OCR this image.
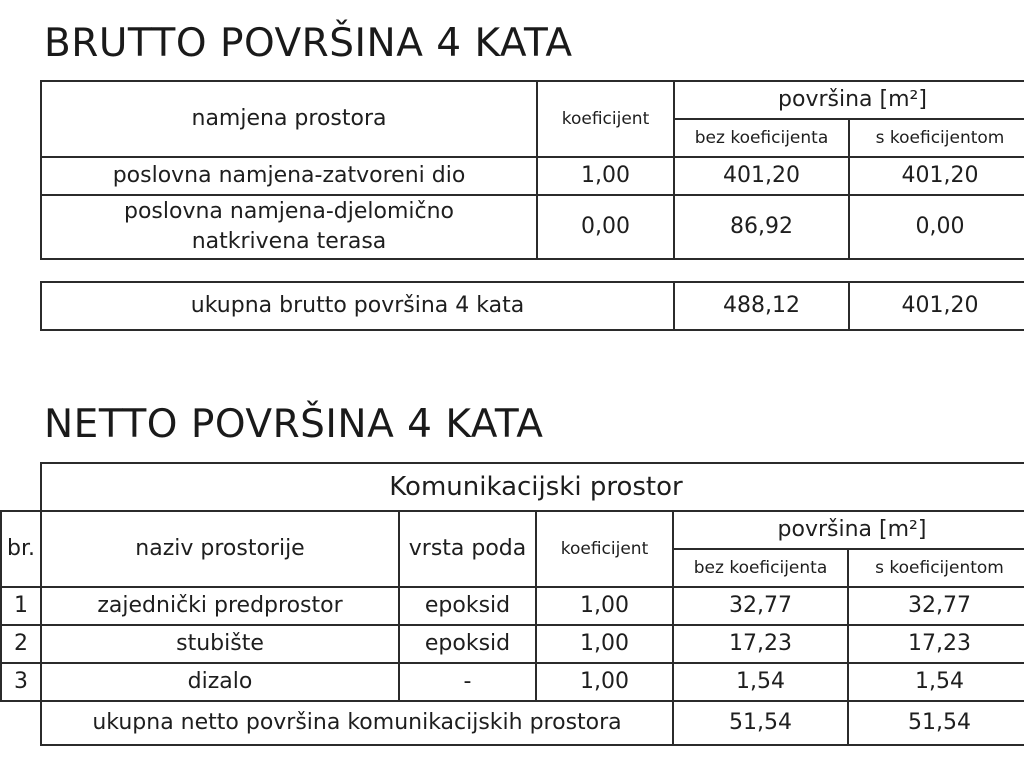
BRUTTO POVRŠINA 4 KATA
namjena prostora	koeficijent	površina [m²]	
		bez koeficijenta	s koeficijentom
poslovna namjena-zatvoreni dio	1,00	401,20	401,20

poslovna namjena-djelomično
natkrivena terasa	0,00	86,92	0,00
ukupna brutto površina 4 kata	488,12	401,20
NETTO POVRŠINA 4 KATA
	Komunikacijski prostor				
br.	naziv prostorije	vrsta poda	koeficijent	površina [m²]	
				bez koeficijenta	s koeficijentom
1	zajednički predprostor	epoksid	1,00	32,77	32,77
2	stubište	epoksid	1,00	17,23	17,23
3	dizalo	-	1,00	1,54	1,54
	ukupna netto površina komunikacijskih prostora			51,54	51,54
